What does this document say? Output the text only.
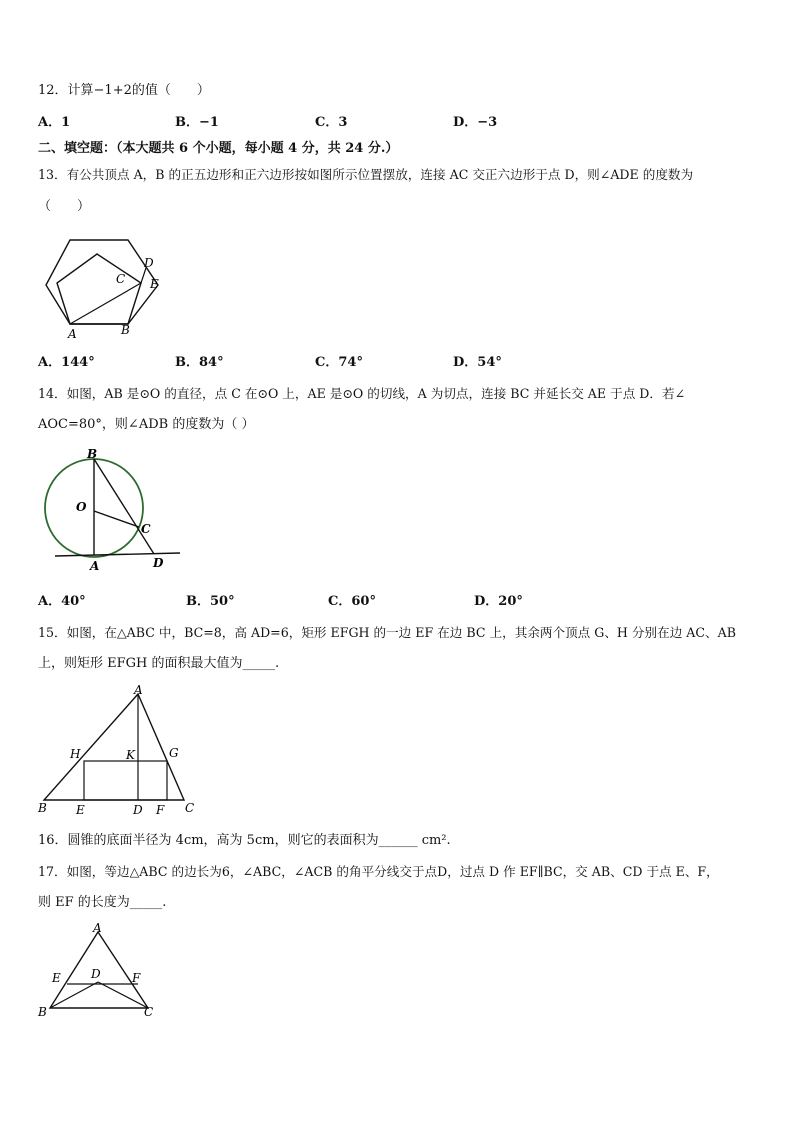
12．计算−1+2的值（　　）
A．1	B．−1	C．3	D．−3
二、填空题：（本大题共 6 个小题，每小题 4 分，共 24 分.）
13．有公共顶点 A，B 的正五边形和正六边形按如图所示位置摆放，连接 AC 交正六边形于点 D，则∠ADE 的度数为
（　　）
A	B
C
D
E
A．144°	B．84°	C．74°	D．54°
14．如图，AB 是⊙O 的直径，点 C 在⊙O 上，AE 是⊙O 的切线，A 为切点，连接 BC 并延长交 AE 于点 D．若∠
AOC=80°，则∠ADB 的度数为（ ）
B
O
C
A	D
A．40°	B．50°	C．60°	D．20°
15．如图，在△ABC 中，BC=8，高 AD=6，矩形 EFGH 的一边 EF 在边 BC 上，其余两个顶点 G、H 分别在边 AC、AB
上，则矩形 EFGH 的面积最大值为_____.
A
H	K	G
B E	D F C
16．圆锥的底面半径为 4cm，高为 5cm，则它的表面积为______ cm².
17．如图，等边△ABC 的边长为6，∠ABC，∠ACB 的角平分线交于点D，过点 D 作 EF∥BC，交 AB、CD 于点 E、F，
则 EF 的长度为_____.
A
E	D	F
B	C
